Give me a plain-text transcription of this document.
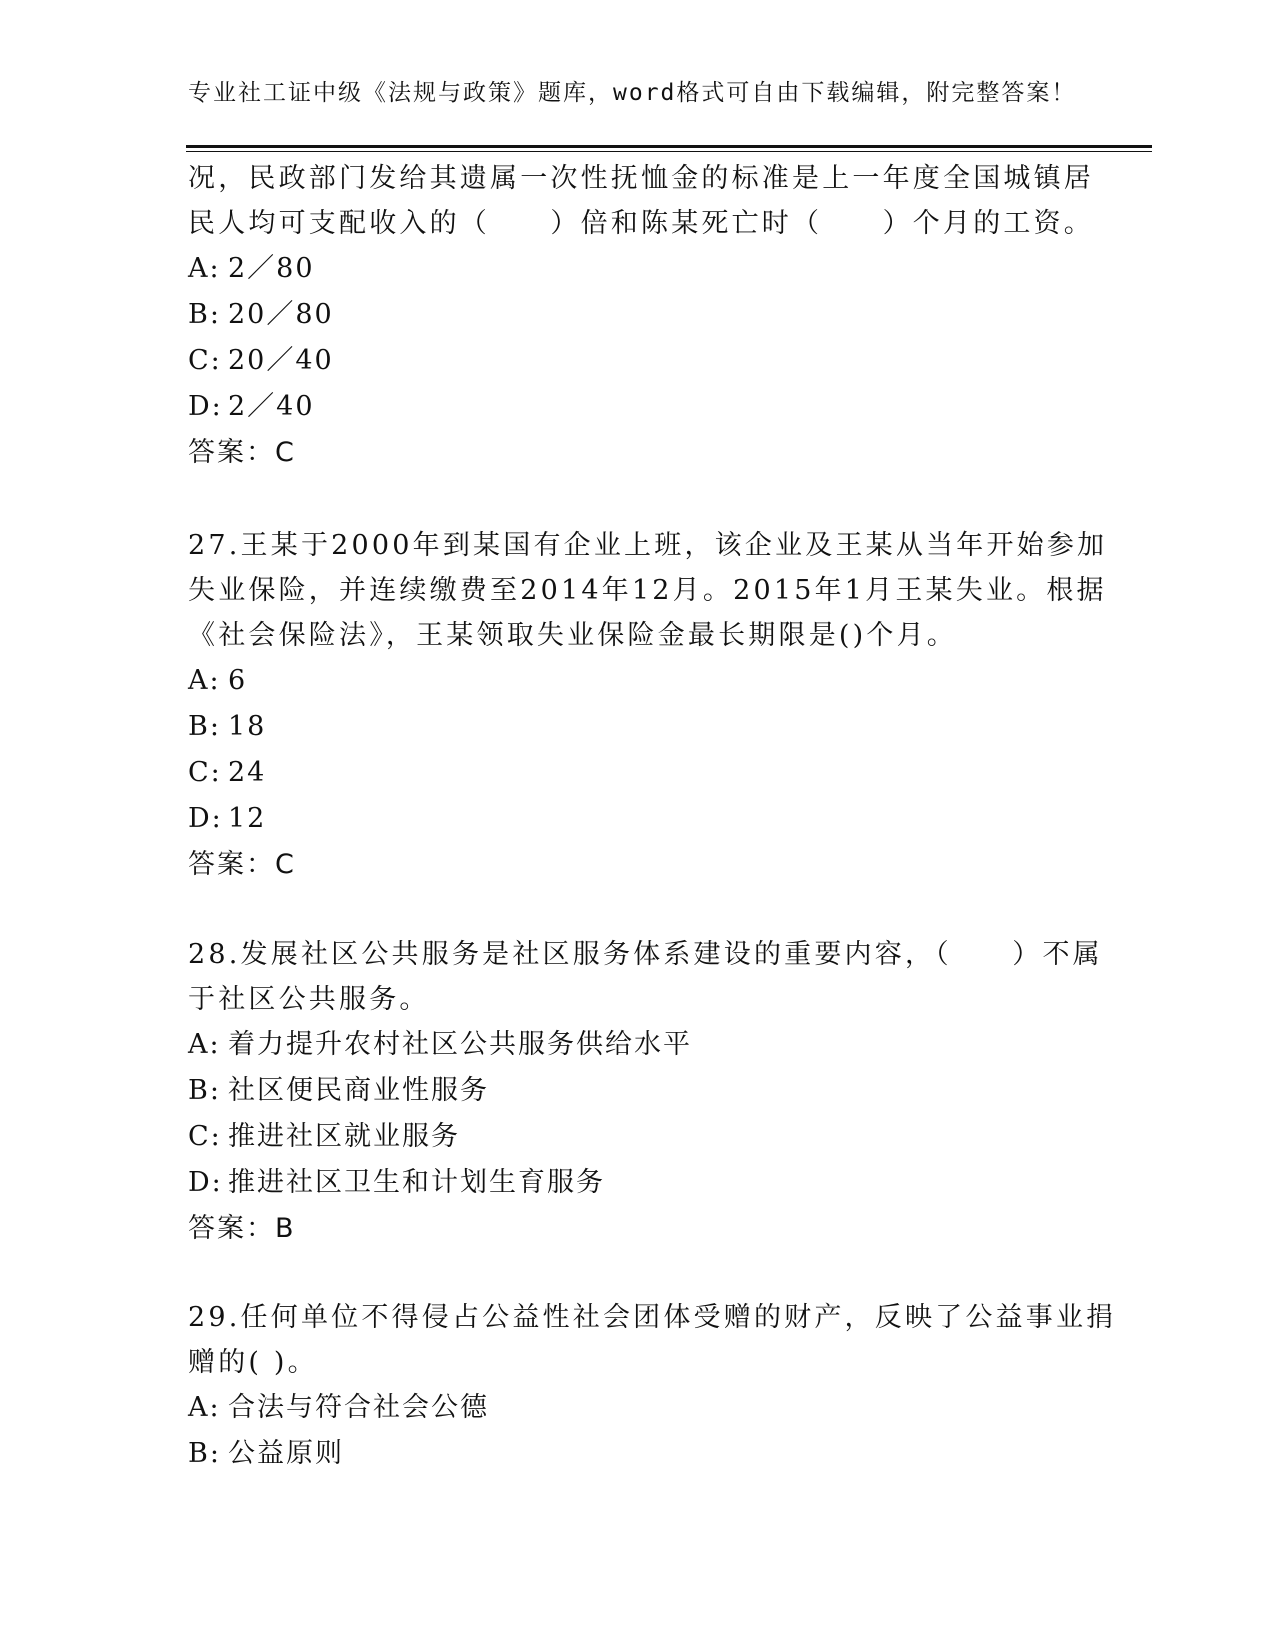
专业社工证中级《法规与政策》题库，word格式可自由下载编辑，附完整答案！
况，民政部门发给其遗属一次性抚恤金的标准是上一年度全国城镇居
民人均可支配收入的（　　）倍和陈某死亡时（　　）个月的工资。
A: 2／80
B: 20／80
C: 20／40
D: 2／40
答案：C
27.王某于2000年到某国有企业上班，该企业及王某从当年开始参加
失业保险，并连续缴费至2014年12月。2015年1月王某失业。根据
《社会保险法》，王某领取失业保险金最长期限是()个月。
A: 6
B: 18
C: 24
D: 12
答案：C
28.发展社区公共服务是社区服务体系建设的重要内容，（　　）不属
于社区公共服务。
A: 着力提升农村社区公共服务供给水平
B: 社区便民商业性服务
C: 推进社区就业服务
D: 推进社区卫生和计划生育服务
答案：B
29.任何单位不得侵占公益性社会团体受赠的财产，反映了公益事业捐
赠的( )。
A: 合法与符合社会公德
B: 公益原则
